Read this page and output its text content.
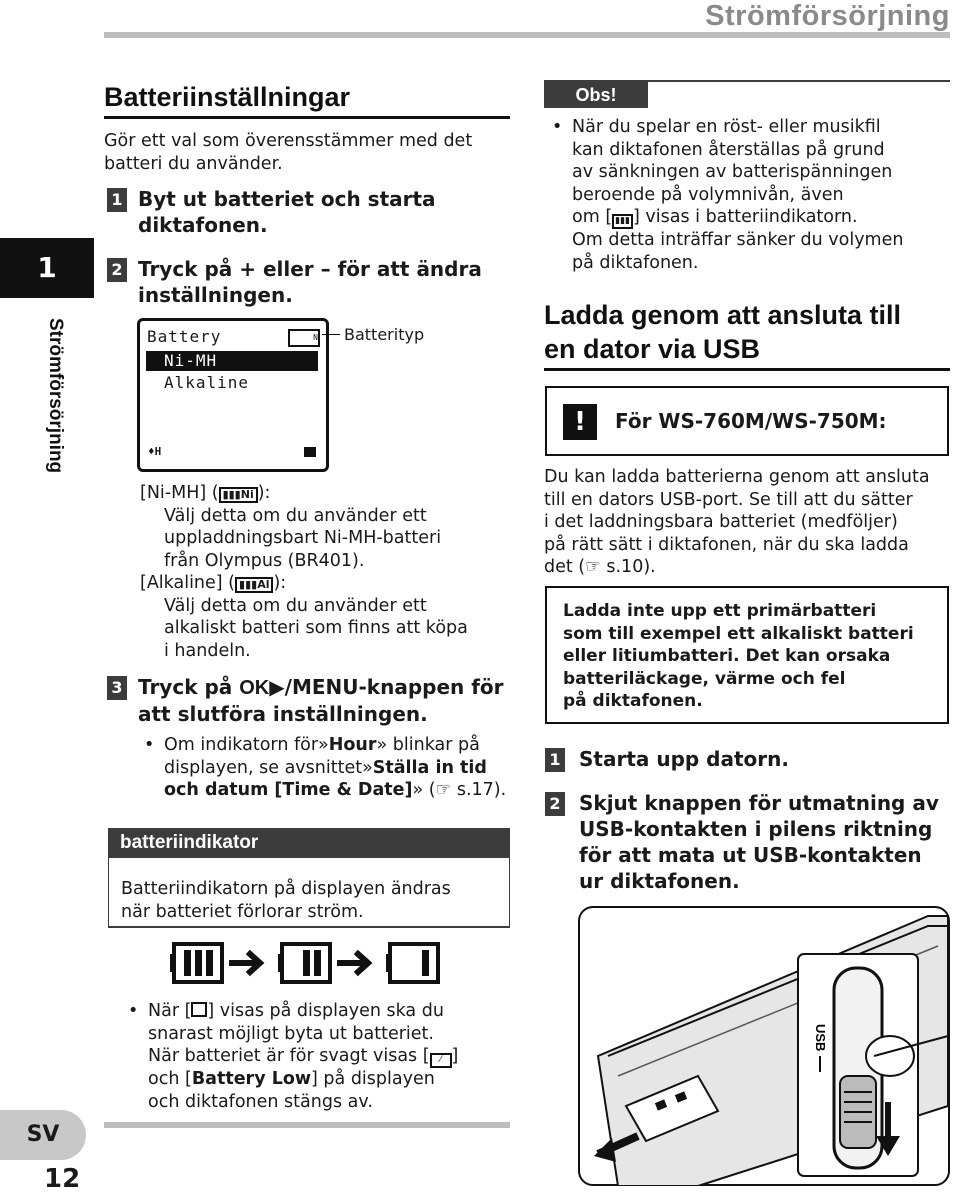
Strömförsörjning
1
Strömförsörjning
SV
12
Batteriinställningar

Gör ett val som överensstämmer med det

batteri du använder.

1 Byt ut batteriet och starta
diktafonen.
2 Tryck på + eller – för att ändra
inställningen.
Battery	N
Ni-MH
Alkaline
♦H
Batterityp

[Ni-MH] ( ▮▮▮Ni ):

Välj detta om du använder ett

uppladdningsbart Ni-MH-batteri

från Olympus (BR401).

[Alkaline] ( ▮▮▮Al ):

Välj detta om du använder ett

alkaliskt batteri som finns att köpa

i handeln.

3 Tryck på OK▶/MENU-knappen för
att slutföra inställningen.

• Om indikatorn för»Hour» blinkar på

displayen, se avsnittet»Ställa in tid

och datum [Time & Date]» (☞ s.17).

batteriindikator

Batteriindikatorn på displayen ändras

när batteriet förlorar ström.

• När [ ] visas på displayen ska du

snarast möjligt byta ut batteriet.

När batteriet är för svagt visas [ ⁄ ]

och [Battery Low] på displayen

och diktafonen stängs av.

Obs!

• När du spelar en röst- eller musikfil

kan diktafonen återställas på grund

av sänkningen av batterispänningen

beroende på volymnivån, även

om [ ▮▮▮ ] visas i batteriindikatorn.

Om detta inträffar sänker du volymen

på diktafonen.

Ladda genom att ansluta till
en dator via USB
!	För WS-760M/WS-750M:

Du kan ladda batterierna genom att ansluta

till en dators USB-port. Se till att du sätter

i det laddningsbara batteriet (medföljer)

på rätt sätt i diktafonen, när du ska ladda

det (☞ s.10).

Ladda inte upp ett primärbatteri
som till exempel ett alkaliskt batteri
eller litiumbatteri. Det kan orsaka
batteriläckage, värme och fel
på diktafonen.
1 Starta upp datorn.
2 Skjut knappen för utmatning av
USB-kontakten i pilens riktning
för att mata ut USB-kontakten
ur diktafonen.
USB
